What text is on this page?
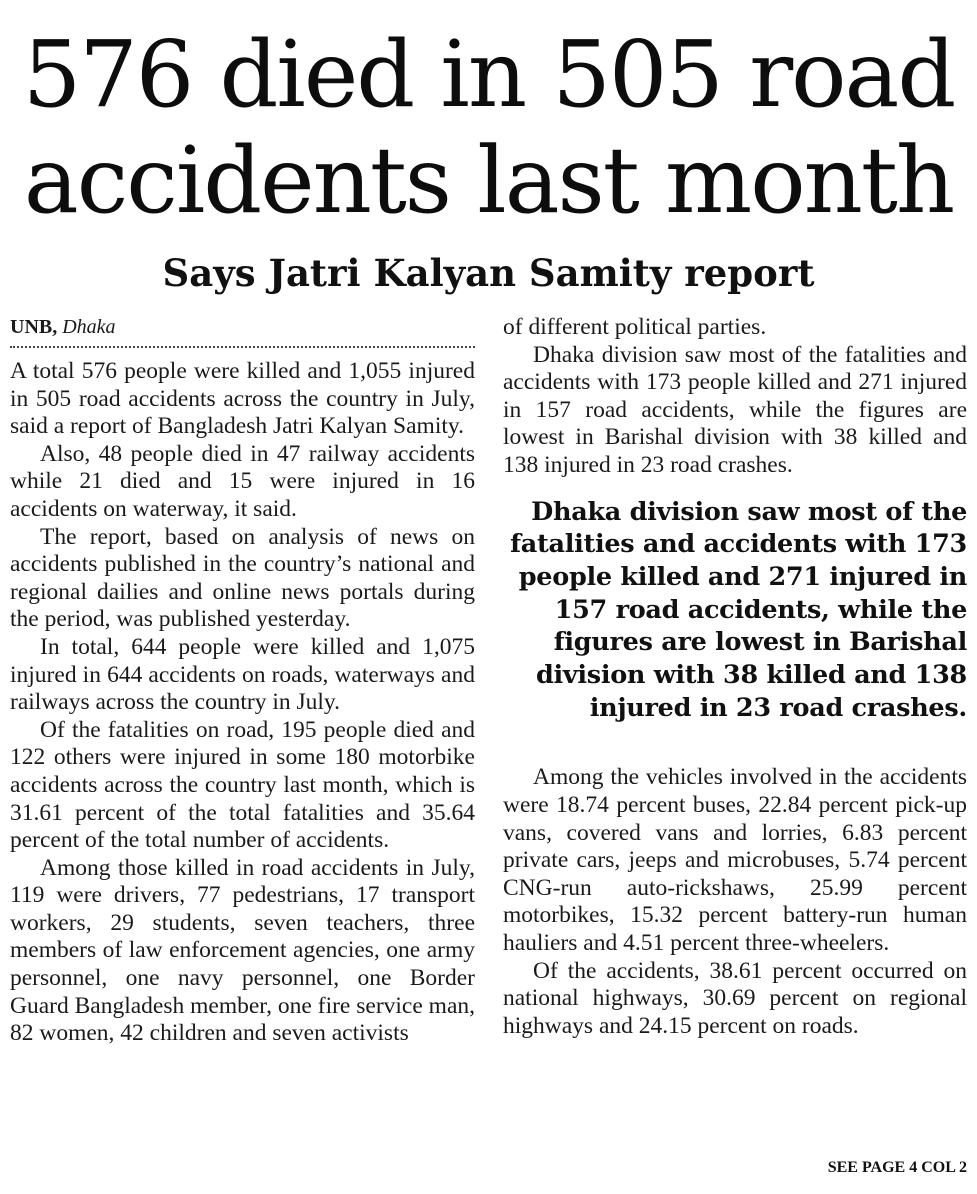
576 died in 505 road
accidents last month
Says Jatri Kalyan Samity report
UNB, Dhaka

A total 576 people were killed and 1,055 injured in 505 road accidents across the country in July, said a report of Bangladesh Jatri Kalyan Samity.

Also, 48 people died in 47 railway accidents while 21 died and 15 were injured in 16 accidents on waterway, it said.

The report, based on analysis of news on accidents published in the country’s national and regional dailies and online news portals during the period, was published yesterday.

In total, 644 people were killed and 1,075 injured in 644 accidents on roads, waterways and railways across the country in July.

Of the fatalities on road, 195 people died and 122 others were injured in some 180 motorbike accidents across the country last month, which is 31.61 percent of the total fatalities and 35.64 percent of the total number of accidents.

Among those killed in road accidents in July, 119 were drivers, 77 pedestrians, 17 transport workers, 29 students, seven teachers, three members of law enforcement agencies, one army personnel, one navy personnel, one Border Guard Bangladesh member, one fire service man, 82 women, 42 children and seven activists

of different political parties.

Dhaka division saw most of the fatalities and accidents with 173 people killed and 271 injured in 157 road accidents, while the figures are lowest in Barishal division with 38 killed and 138 injured in 23 road crashes.

Dhaka division saw most of the fatalities and accidents with 173 people killed and 271 injured in 157 road accidents, while the figures are lowest in Barishal division with 38 killed and 138 injured in 23 road crashes.

Among the vehicles involved in the accidents were 18.74 percent buses, 22.84 percent pick-up vans, covered vans and lorries, 6.83 percent private cars, jeeps and microbuses, 5.74 percent CNG-run auto-rickshaws, 25.99 percent motorbikes, 15.32 percent battery-run human hauliers and 4.51 percent three-wheelers.

Of the accidents, 38.61 percent occurred on national highways, 30.69 percent on regional highways and 24.15 percent on roads.

SEE PAGE 4 COL 2
